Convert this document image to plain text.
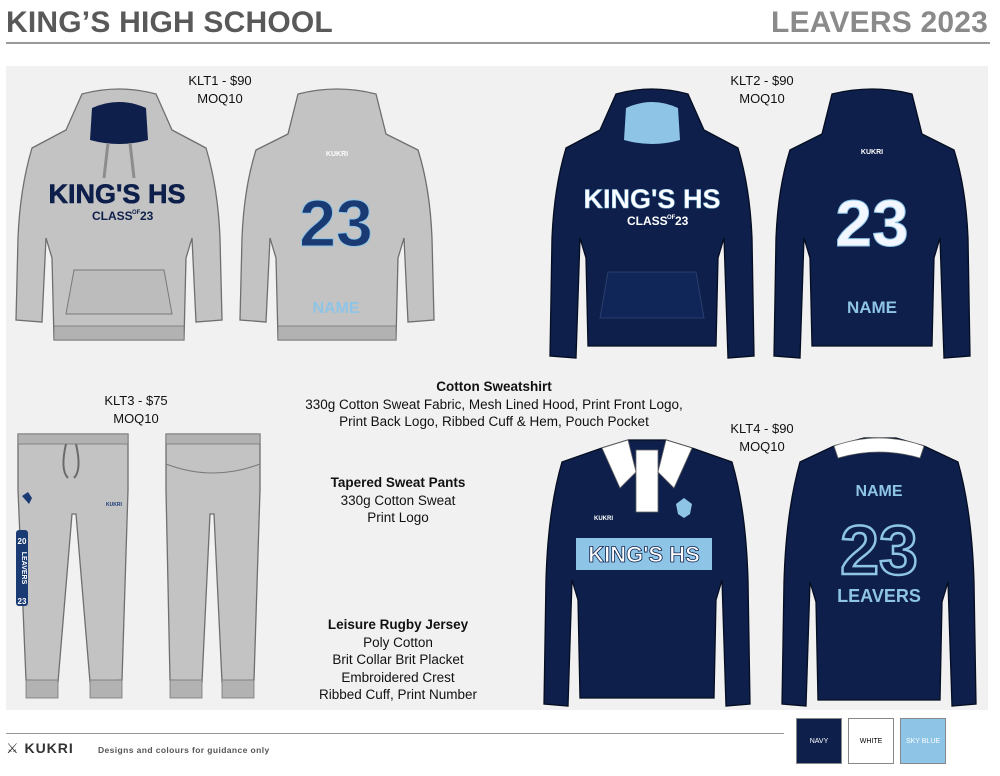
KING’S HIGH SCHOOL	LEAVERS 2023
KLT1 - $90
MOQ10
KING'S HS
CLASS OF 23
KUKRI
23
NAME
KLT2 - $90
MOQ10
KING'S HS
CLASS OF 23
KUKRI
23
NAME
KLT3 - $75
MOQ10
KUKRI
20
LEAVERS
23
KLT4 - $90
MOQ10
KING'S HS
KUKRI
NAME
23
LEAVERS
Cotton Sweatshirt
330g Cotton Sweat Fabric, Mesh Lined Hood, Print Front Logo,
Print Back Logo, Ribbed Cuff & Hem, Pouch Pocket
Tapered Sweat Pants
330g Cotton Sweat
Print Logo
Leisure Rugby Jersey
Poly Cotton
Brit Collar Brit Placket
Embroidered Crest
Ribbed Cuff, Print Number
⚔ KUKRI	Designs and colours for guidance only
NAVY	WHITE	SKY BLUE
